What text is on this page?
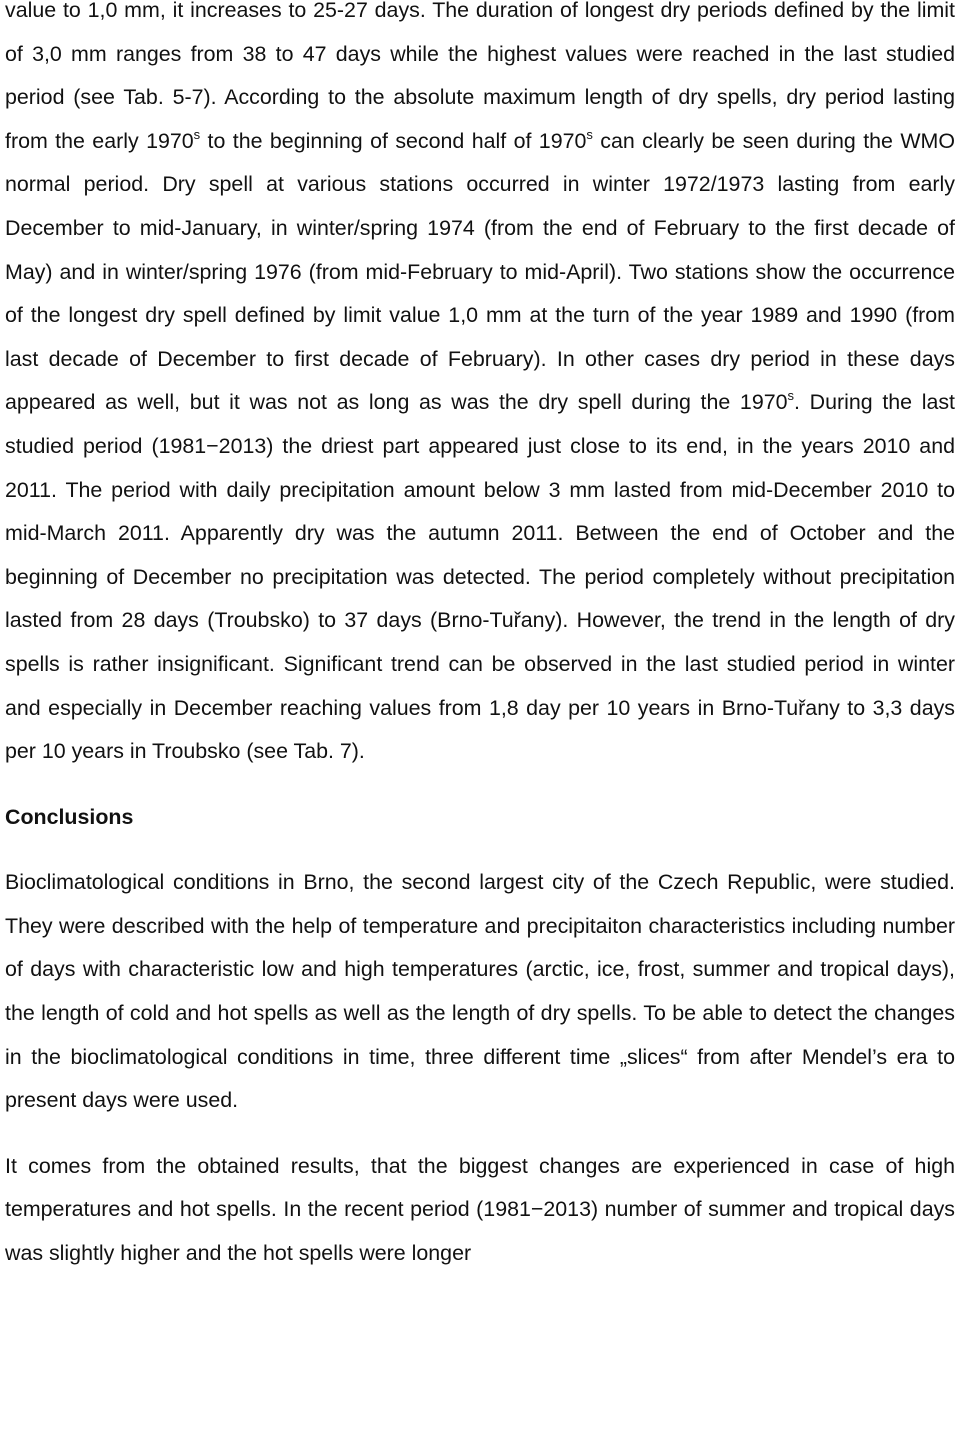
value to 1,0 mm, it increases to 25-27 days. The duration of longest dry periods defined by the limit of 3,0 mm ranges from 38 to 47 days while the highest values were reached in the last studied period (see Tab. 5-7). According to the absolute maximum length of dry spells, dry period lasting from the early 1970$^s$ to the beginning of second half of 1970$^s$ can clearly be seen during the WMO normal period. Dry spell at various stations occurred in winter 1972/1973 lasting from early December to mid-January, in winter/spring 1974 (from the end of February to the first decade of May) and in winter/spring 1976 (from mid-February to mid-April). Two stations show the occurrence of the longest dry spell defined by limit value 1,0 mm at the turn of the year 1989 and 1990 (from last decade of December to first decade of February). In other cases dry period in these days appeared as well, but it was not as long as was the dry spell during the 1970$^s$. During the last studied period (1981−2013) the driest part appeared just close to its end, in the years 2010 and 2011. The period with daily precipitation amount below 3 mm lasted from mid-December 2010 to mid-March 2011. Apparently dry was the autumn 2011. Between the end of October and the beginning of December no precipitation was detected. The period completely without precipitation lasted from 28 days (Troubsko) to 37 days (Brno-Tuřany). However, the trend in the length of dry spells is rather insignificant. Significant trend can be observed in the last studied period in winter and especially in December reaching values from 1,8 day per 10 years in Brno-Tuřany to 3,3 days per 10 years in Troubsko (see Tab. 7).

Conclusions

Bioclimatological conditions in Brno, the second largest city of the Czech Republic, were studied. They were described with the help of temperature and precipitaiton characteristics including number of days with characteristic low and high temperatures (arctic, ice, frost, summer and tropical days), the length of cold and hot spells as well as the length of dry spells. To be able to detect the changes in the bioclimatological conditions in time, three different time „slices“ from after Mendel’s era to present days were used.

It comes from the obtained results, that the biggest changes are experienced in case of high temperatures and hot spells. In the recent period (1981−2013) number of summer and tropical days was slightly higher and the hot spells were longer
